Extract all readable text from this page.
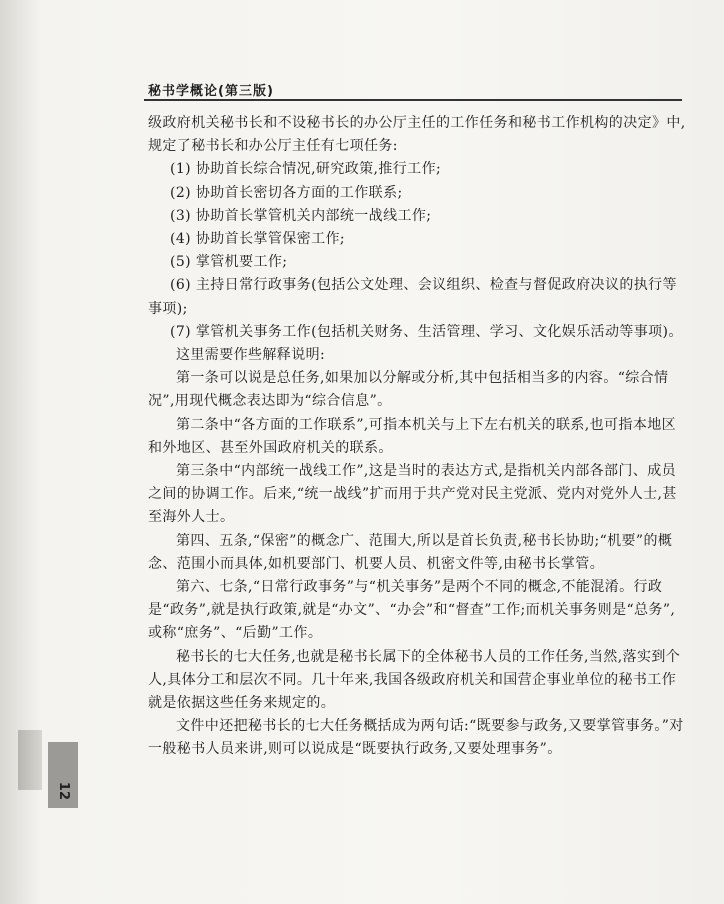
秘书学概论(第三版)

级政府机关秘书长和不设秘书长的办公厅主任的工作任务和秘书工作机构的决定》中,规定了秘书长和办公厅主任有七项任务:

(1) 协助首长综合情况,研究政策,推行工作;

(2) 协助首长密切各方面的工作联系;

(3) 协助首长掌管机关内部统一战线工作;

(4) 协助首长掌管保密工作;

(5) 掌管机要工作;

(6) 主持日常行政事务(包括公文处理、会议组织、检查与督促政府决议的执行等事项);

(7) 掌管机关事务工作(包括机关财务、生活管理、学习、文化娱乐活动等事项)。

这里需要作些解释说明:

第一条可以说是总任务,如果加以分解或分析,其中包括相当多的内容。“综合情况”,用现代概念表达即为“综合信息”。

第二条中“各方面的工作联系”,可指本机关与上下左右机关的联系,也可指本地区和外地区、甚至外国政府机关的联系。

第三条中“内部统一战线工作”,这是当时的表达方式,是指机关内部各部门、成员之间的协调工作。后来,“统一战线”扩而用于共产党对民主党派、党内对党外人士,甚至海外人士。

第四、五条,“保密”的概念广、范围大,所以是首长负责,秘书长协助;“机要”的概念、范围小而具体,如机要部门、机要人员、机密文件等,由秘书长掌管。

第六、七条,“日常行政事务”与“机关事务”是两个不同的概念,不能混淆。行政是“政务”,就是执行政策,就是“办文”、“办会”和“督查”工作;而机关事务则是“总务”,或称“庶务”、“后勤”工作。

秘书长的七大任务,也就是秘书长属下的全体秘书人员的工作任务,当然,落实到个人,具体分工和层次不同。几十年来,我国各级政府机关和国营企事业单位的秘书工作就是依据这些任务来规定的。

文件中还把秘书长的七大任务概括成为两句话:“既要参与政务,又要掌管事务。”对一般秘书人员来讲,则可以说成是“既要执行政务,又要处理事务”。

12
